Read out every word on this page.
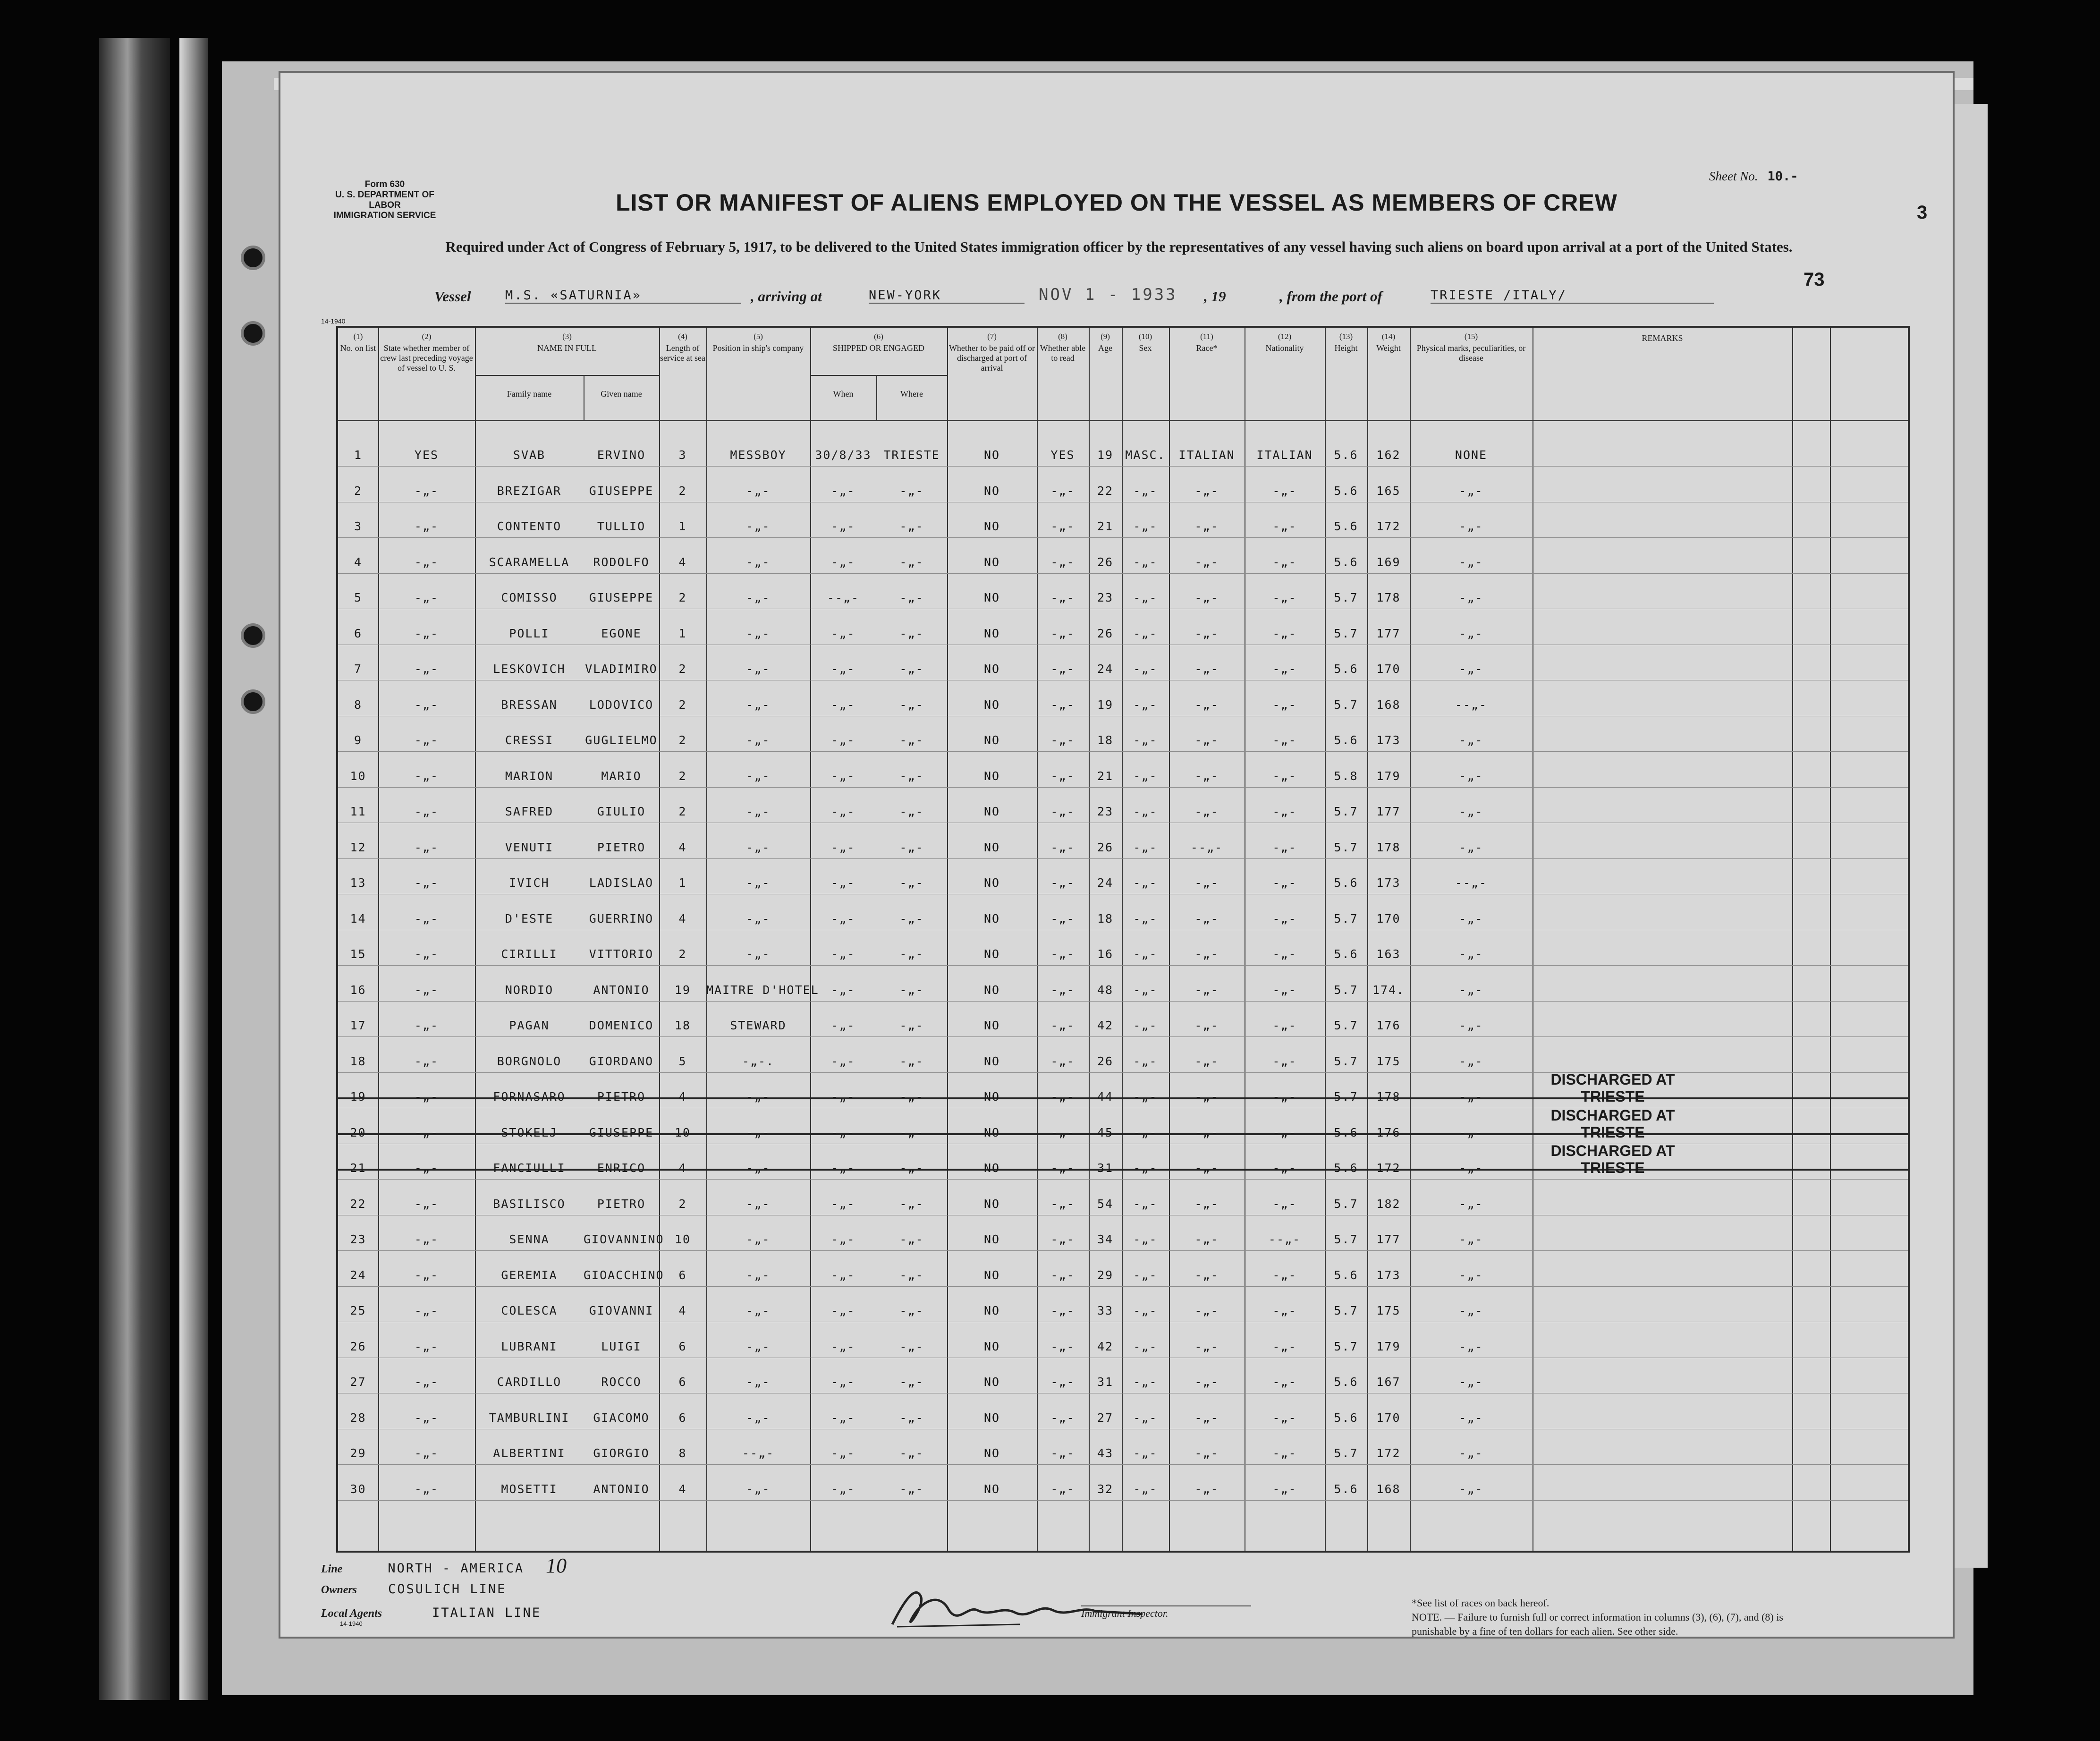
Form 630
U. S. DEPARTMENT OF LABOR
IMMIGRATION SERVICE	LIST OR MANIFEST OF ALIENS EMPLOYED ON THE VESSEL AS MEMBERS OF CREW
Sheet No. 10.-
Required under Act of Congress of February 5, 1917, to be delivered to the United States immigration officer by the representatives of any vessel having such aliens on board upon arrival at a port of the United States.
3
73
Vessel	M.S. «SATURNIA»	, arriving at	NEW-YORK	NOV 1 - 1933 , 19	, from the port of	TRIESTE /ITALY/
14-1940
(1)
No. on list
(2)
State whether member of crew last preceding voyage of vessel to U. S.
(3)
NAME IN FULL
(4)
Length of service at sea
(5)
Position in ship's company
(6)
SHIPPED OR ENGAGED
(7)
Whether to be paid off or discharged at port of arrival
(8)
Whether able to read
(9)
Age
(10)
Sex
(11)
Race*
(12)
Nationality
(13)
Height
(14)
Weight
(15)
Physical marks, peculiarities, or disease
REMARKS
Family name	Given name	When	Where
1	YES	SVAB	ERVINO	3	MESSBOY	30/8/33	TRIESTE	NO	YES	19	MASC.	ITALIAN	ITALIAN	5.6	162	NONE
2	-„-	BREZIGAR	GIUSEPPE	2	-„-	-„-	-„-	NO	-„-	22	-„-	-„-	-„-	5.6	165	-„-
3	-„-	CONTENTO	TULLIO	1	-„-	-„-	-„-	NO	-„-	21	-„-	-„-	-„-	5.6	172	-„-
4	-„-	SCARAMELLA	RODOLFO	4	-„-	-„-	-„-	NO	-„-	26	-„-	-„-	-„-	5.6	169	-„-
5	-„-	COMISSO	GIUSEPPE	2	-„-	--„-	-„-	NO	-„-	23	-„-	-„-	-„-	5.7	178	-„-
6	-„-	POLLI	EGONE	1	-„-	-„-	-„-	NO	-„-	26	-„-	-„-	-„-	5.7	177	-„-
7	-„-	LESKOVICH	VLADIMIRO	2	-„-	-„-	-„-	NO	-„-	24	-„-	-„-	-„-	5.6	170	-„-
8	-„-	BRESSAN	LODOVICO	2	-„-	-„-	-„-	NO	-„-	19	-„-	-„-	-„-	5.7	168	--„-
9	-„-	CRESSI	GUGLIELMO	2	-„-	-„-	-„-	NO	-„-	18	-„-	-„-	-„-	5.6	173	-„-
10	-„-	MARION	MARIO	2	-„-	-„-	-„-	NO	-„-	21	-„-	-„-	-„-	5.8	179	-„-
11	-„-	SAFRED	GIULIO	2	-„-	-„-	-„-	NO	-„-	23	-„-	-„-	-„-	5.7	177	-„-
12	-„-	VENUTI	PIETRO	4	-„-	-„-	-„-	NO	-„-	26	-„-	--„-	-„-	5.7	178	-„-
13	-„-	IVICH	LADISLAO	1	-„-	-„-	-„-	NO	-„-	24	-„-	-„-	-„-	5.6	173	--„-
14	-„-	D'ESTE	GUERRINO	4	-„-	-„-	-„-	NO	-„-	18	-„-	-„-	-„-	5.7	170	-„-
15	-„-	CIRILLI	VITTORIO	2	-„-	-„-	-„-	NO	-„-	16	-„-	-„-	-„-	5.6	163	-„-
16	-„-	NORDIO	ANTONIO	19	MAITRE D'HOTEL	-„-	-„-	NO	-„-	48	-„-	-„-	-„-	5.7	174.	-„-
17	-„-	PAGAN	DOMENICO	18	STEWARD	-„-	-„-	NO	-„-	42	-„-	-„-	-„-	5.7	176	-„-
18	-„-	BORGNOLO	GIORDANO	5	-„-.	-„-	-„-	NO	-„-	26	-„-	-„-	-„-	5.7	175	-„-
19	-„-	FORNASARO	PIETRO	4	-„-	-„-	-„-	NO	-„-	44	-„-	-„-	-„-	5.7	178	-„-
DISCHARGED AT TRIESTE
20	-„-	STOKELJ	GIUSEPPE	10	-„-	-„-	-„-	NO	-„-	45	-„-	-„-	-„-	5.6	176	-„-
DISCHARGED AT TRIESTE
21	-„-	FANCIULLI	ENRICO	4	-„-	-„-	-„-	NO	-„-	31	-„-	-„-	-„-	5.6	172	-„-
DISCHARGED AT TRIESTE
22	-„-	BASILISCO	PIETRO	2	-„-	-„-	-„-	NO	-„-	54	-„-	-„-	-„-	5.7	182	-„-
23	-„-	SENNA	GIOVANNINO 10	-„-	-„-	-„-	NO	-„-	34	-„-	-„-	--„-	5.7	177	-„-
24	-„-	GEREMIA	GIOACCHINO	6	-„-	-„-	-„-	NO	-„-	29	-„-	-„-	-„-	5.6	173	-„-
25	-„-	COLESCA	GIOVANNI	4	-„-	-„-	-„-	NO	-„-	33	-„-	-„-	-„-	5.7	175	-„-
26	-„-	LUBRANI	LUIGI	6	-„-	-„-	-„-	NO	-„-	42	-„-	-„-	-„-	5.7	179	-„-
27	-„-	CARDILLO	ROCCO	6	-„-	-„-	-„-	NO	-„-	31	-„-	-„-	-„-	5.6	167	-„-
28	-„-	TAMBURLINI	GIACOMO	6	-„-	-„-	-„-	NO	-„-	27	-„-	-„-	-„-	5.6	170	-„-
29	-„-	ALBERTINI	GIORGIO	8	--„-	-„-	-„-	NO	-„-	43	-„-	-„-	-„-	5.7	172	-„-
30	-„-	MOSETTI	ANTONIO	4	-„-	-„-	-„-	NO	-„-	32	-„-	-„-	-„-	5.6	168	-„-
Line	NORTH - AMERICA 10
Owners COSULICH LINE
Local Agents	ITALIAN LINE
14-1940
Immigrant Inspector.
*See list of races on back hereof.
NOTE. — Failure to furnish full or correct information in columns (3), (6), (7), and (8) is punishable by a fine of ten dollars for each alien. See other side.
